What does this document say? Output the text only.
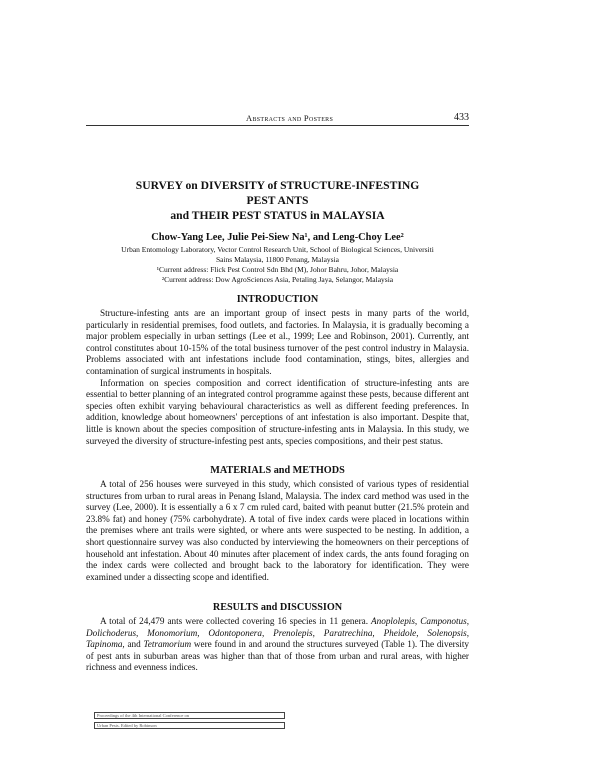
Abstracts and Posters	433
SURVEY on DIVERSITY of STRUCTURE-INFESTING
PEST ANTS
and THEIR PEST STATUS in MALAYSIA
Chow-Yang Lee, Julie Pei-Siew Na¹, and Leng-Choy Lee²
Urban Entomology Laboratory, Vector Control Research Unit, School of Biological Sciences, Universiti
Sains Malaysia, 11800 Penang, Malaysia
¹Current address: Flick Pest Control Sdn Bhd (M), Johor Bahru, Johor, Malaysia
²Current address: Dow AgroSciences Asia, Petaling Jaya, Selangor, Malaysia
INTRODUCTION

Structure-infesting ants are an important group of insect pests in many parts of the world, particularly in residential premises, food outlets, and factories. In Malaysia, it is gradually becoming a major problem especially in urban settings (Lee et al., 1999; Lee and Robinson, 2001). Currently, ant control constitutes about 10-15% of the total business turnover of the pest control industry in Malaysia. Problems associated with ant infestations include food contamination, stings, bites, allergies and contamination of surgical instruments in hospitals.

Information on species composition and correct identification of structure-infesting ants are essential to better planning of an integrated control programme against these pests, because different ant species often exhibit varying behavioural characteristics as well as different feeding preferences. In addition, knowledge about homeowners' perceptions of ant infestation is also important. Despite that, little is known about the species composition of structure-infesting ants in Malaysia. In this study, we surveyed the diversity of structure-infesting pest ants, species compositions, and their pest status.

MATERIALS and METHODS

A total of 256 houses were surveyed in this study, which consisted of various types of residential structures from urban to rural areas in Penang Island, Malaysia. The index card method was used in the survey (Lee, 2000). It is essentially a 6 x 7 cm ruled card, baited with peanut butter (21.5% protein and 23.8% fat) and honey (75% carbohydrate). A total of five index cards were placed in locations within the premises where ant trails were sighted, or where ants were suspected to be nesting. In addition, a short questionnaire survey was also conducted by interviewing the homeowners on their perceptions of household ant infestation. About 40 minutes after placement of index cards, the ants found foraging on the index cards were collected and brought back to the laboratory for identification. They were examined under a dissecting scope and identified.

RESULTS and DISCUSSION

A total of 24,479 ants were collected covering 16 species in 11 genera. Anoplolepis, Camponotus, Dolichoderus, Monomorium, Odontoponera, Prenolepis, Paratrechina, Pheidole, Solenopsis, Tapinoma, and Tetramorium were found in and around the structures surveyed (Table 1). The diversity of pest ants in suburban areas was higher than that of those from urban and rural areas, with higher richness and evenness indices.

Proceedings of the 4th International Conference on
Urban Pests. Edited by Robinson
